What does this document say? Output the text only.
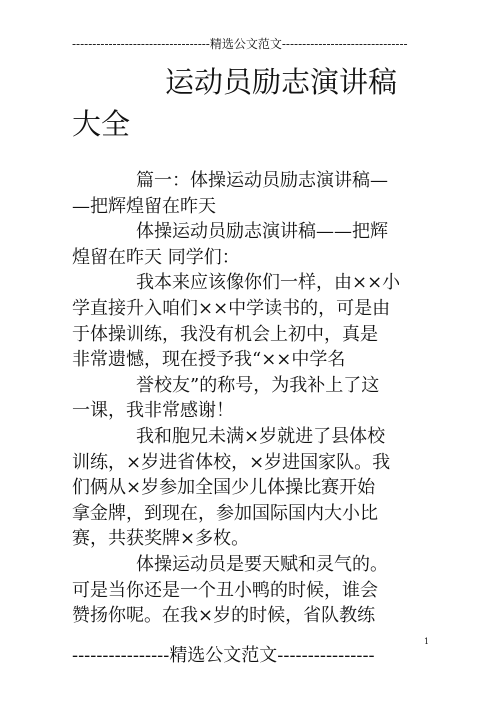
----------------------------------精选公文范文-------------------------------
运动员励志演讲稿
大全

篇一：体操运动员励志演讲稿—

—把辉煌留在昨天

体操运动员励志演讲稿——把辉

煌留在昨天 同学们：

我本来应该像你们一样，由××小

学直接升入咱们××中学读书的，可是由

于体操训练，我没有机会上初中，真是

非常遗憾，现在授予我“××中学名

誉校友”的称号，为我补上了这

一课，我非常感谢！

我和胞兄未满×岁就进了县体校

训练，×岁进省体校，×岁进国家队。我

们俩从×岁参加全国少儿体操比赛开始

拿金牌，到现在，参加国际国内大小比

赛，共获奖牌×多枚。

体操运动员是要天赋和灵气的。

可是当你还是一个丑小鸭的时候，谁会

赞扬你呢。在我×岁的时候，省队教练

1
----------------精选公文范文----------------
